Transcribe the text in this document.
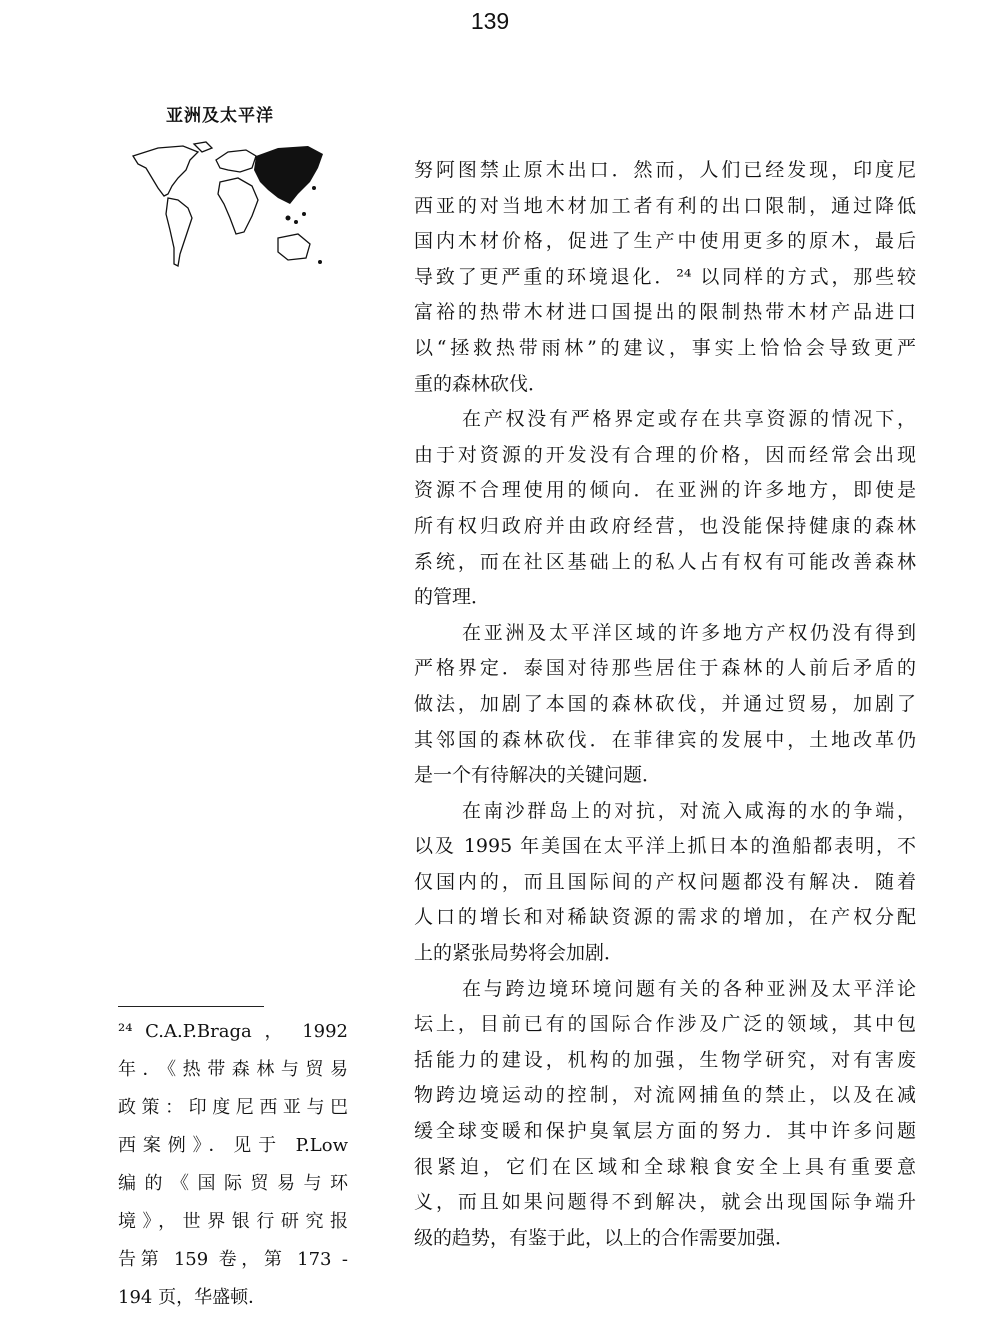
139
亚洲及太平洋
努阿图禁止原木出口．然而，人们已经发现，印度尼
西亚的对当地木材加工者有利的出口限制，通过降低
国内木材价格，促进了生产中使用更多的原木，最后
导致了更严重的环境退化．²⁴ 以同样的方式，那些较
富裕的热带木材进口国提出的限制热带木材产品进口
以“拯救热带雨林”的建议，事实上恰恰会导致更严
重的森林砍伐．
在产权没有严格界定或存在共享资源的情况下，
由于对资源的开发没有合理的价格，因而经常会出现
资源不合理使用的倾向．在亚洲的许多地方，即使是
所有权归政府并由政府经营，也没能保持健康的森林
系统，而在社区基础上的私人占有权有可能改善森林
的管理．
在亚洲及太平洋区域的许多地方产权仍没有得到
严格界定．泰国对待那些居住于森林的人前后矛盾的
做法，加剧了本国的森林砍伐，并通过贸易，加剧了
其邻国的森林砍伐．在菲律宾的发展中，土地改革仍
是一个有待解决的关键问题．
在南沙群岛上的对抗，对流入咸海的水的争端，
以及 1995 年美国在太平洋上抓日本的渔船都表明，不
仅国内的，而且国际间的产权问题都没有解决．随着
人口的增长和对稀缺资源的需求的增加，在产权分配
上的紧张局势将会加剧．
在与跨边境环境问题有关的各种亚洲及太平洋论
坛上，目前已有的国际合作涉及广泛的领域，其中包
括能力的建设，机构的加强，生物学研究，对有害废
物跨边境运动的控制，对流网捕鱼的禁止，以及在减
缓全球变暖和保护臭氧层方面的努力．其中许多问题
很紧迫，它们在区域和全球粮食安全上具有重要意
义，而且如果问题得不到解决，就会出现国际争端升
级的趋势，有鉴于此，以上的合作需要加强．
²⁴ C.A.P.Braga ， 1992
年．《热带森林与贸易
政策：印度尼西亚与巴
西案例》．见于 P.Low
编的《国际贸易与环
境》，世界银行研究报
告第 159 卷，第 173 -
194 页，华盛顿．
